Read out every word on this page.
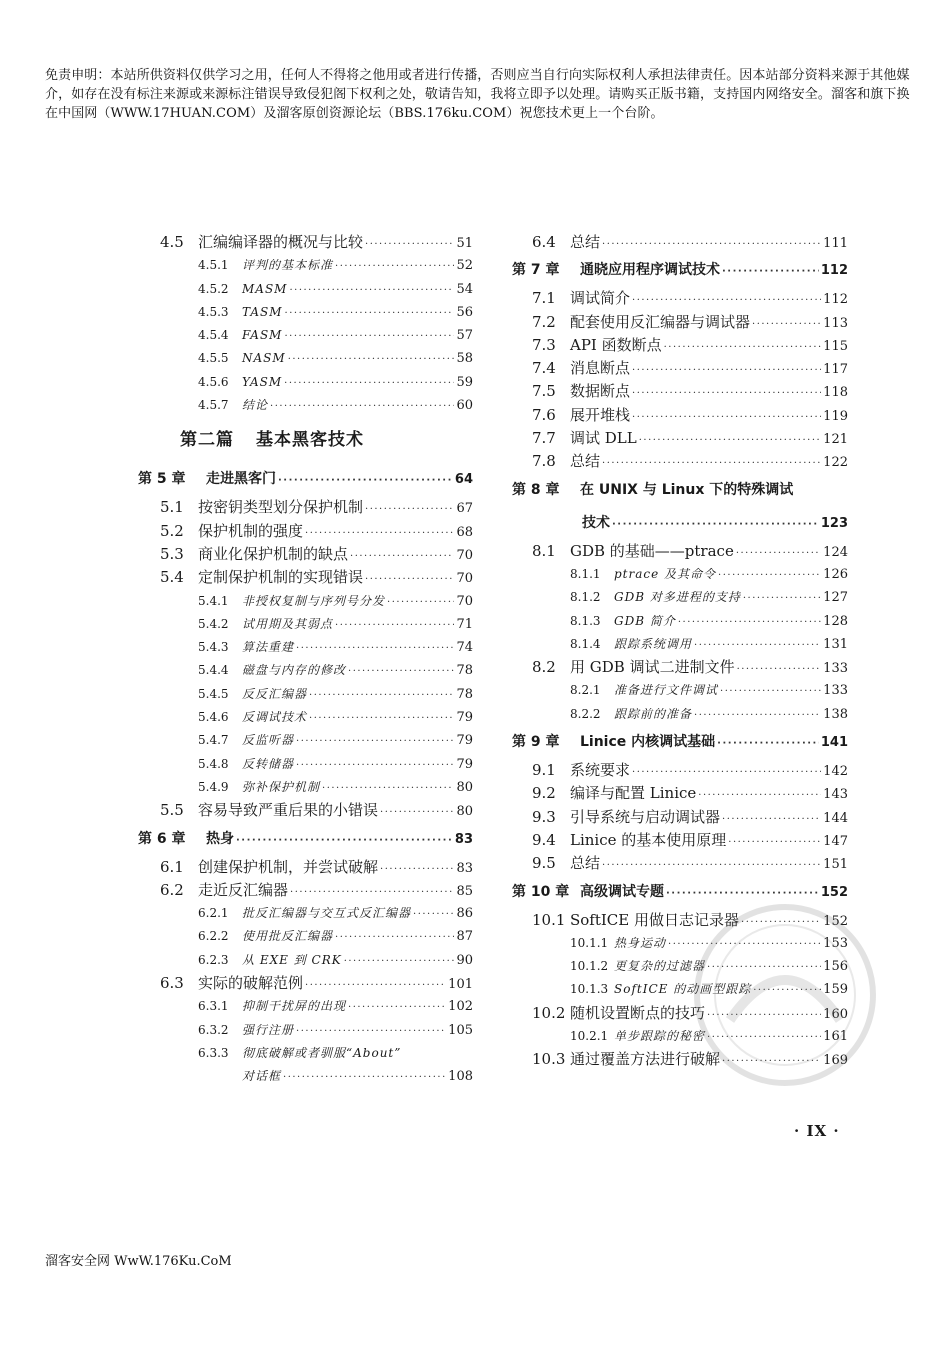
免责申明：本站所供资料仅供学习之用，任何人不得将之他用或者进行传播，否则应当自行向实际权利人承担法律责任。因本站部分资料来源于其他媒介，如存在没有标注来源或来源标注错误导致侵犯阁下权利之处，敬请告知，我将立即予以处理。请购买正版书籍，支持国内网络安全。溜客和旗下换在中国网（WWW.17HUAN.COM）及溜客原创资源论坛（BBS.176ku.COM）祝您技术更上一个台阶。
4.5 汇编编译器的概况与比较 ·····	51
4.5.1	评判的基本标准 ·····	52
4.5.2	MASM ·····	54
4.5.3	TASM ·····	56
4.5.4	FASM ·····	57
4.5.5	NASM ·····	58
4.5.6	YASM ·····	59
4.5.7	结论 ·····	60
第二篇 基本黑客技术
第 5 章	走进黑客门 ·····	64
5.1 按密钥类型划分保护机制 ·····	67
5.2 保护机制的强度 ·····	68
5.3 商业化保护机制的缺点 ·····	70
5.4 定制保护机制的实现错误 ·····	70
5.4.1	非授权复制与序列号分发 ·····	70
5.4.2	试用期及其弱点 ·····	71
5.4.3	算法重建 ·····	74
5.4.4	磁盘与内存的修改 ·····	78
5.4.5	反反汇编器 ·····	78
5.4.6	反调试技术 ·····	79
5.4.7	反监听器 ·····	79
5.4.8	反转储器 ·····	79
5.4.9	弥补保护机制 ·····	80
5.5 容易导致严重后果的小错误 ·····	80
第 6 章	热身 ·····	83
6.1 创建保护机制，并尝试破解 ·····	83
6.2 走近反汇编器 ·····	85
6.2.1	批反汇编器与交互式反汇编器 ·····	86
6.2.2	使用批反汇编器 ·····	87
6.2.3	从 EXE 到 CRK ·····	90
6.3 实际的破解范例 ·····	101
6.3.1	抑制干扰屏的出现 ·····	102
6.3.2	强行注册 ·····	105
6.3.3	彻底破解或者驯服“About”
对话框 ·····	108
6.4 总结 ·····	111
第 7 章	通晓应用程序调试技术 ·····	112
7.1 调试简介 ·····	112
7.2 配套使用反汇编器与调试器 ·····	113
7.3 API 函数断点 ·····	115
7.4 消息断点 ·····	117
7.5 数据断点 ·····	118
7.6 展开堆栈 ·····	119
7.7 调试 DLL ·····	121
7.8 总结 ·····	122
第 8 章	在 UNIX 与 Linux 下的特殊调试
技术 ·····	123
8.1 GDB 的基础——ptrace ·····	124
8.1.1	ptrace 及其命令 ·····	126
8.1.2	GDB 对多进程的支持 ·····	127
8.1.3	GDB 简介 ·····	128
8.1.4	跟踪系统调用 ·····	131
8.2 用 GDB 调试二进制文件 ·····	133
8.2.1	准备进行文件调试 ·····	133
8.2.2	跟踪前的准备 ·····	138
第 9 章	Linice 内核调试基础 ·····	141
9.1 系统要求 ·····	142
9.2 编译与配置 Linice ·····	143
9.3 引导系统与启动调试器 ·····	144
9.4 Linice 的基本使用原理 ·····	147
9.5 总结 ·····	151
第 10 章 高级调试专题 ·····	152
10.1 SoftICE 用做日志记录器 ·····	152
10.1.1 热身运动 ·····	153
10.1.2 更复杂的过滤器 ·····	156
10.1.3 SoftICE 的动画型跟踪 ·····	159
10.2 随机设置断点的技巧 ·····	160
10.2.1 单步跟踪的秘密 ·····	161
10.3 通过覆盖方法进行破解 ·····	169
· IX ·
溜客安全网 WwW.176Ku.CoM
